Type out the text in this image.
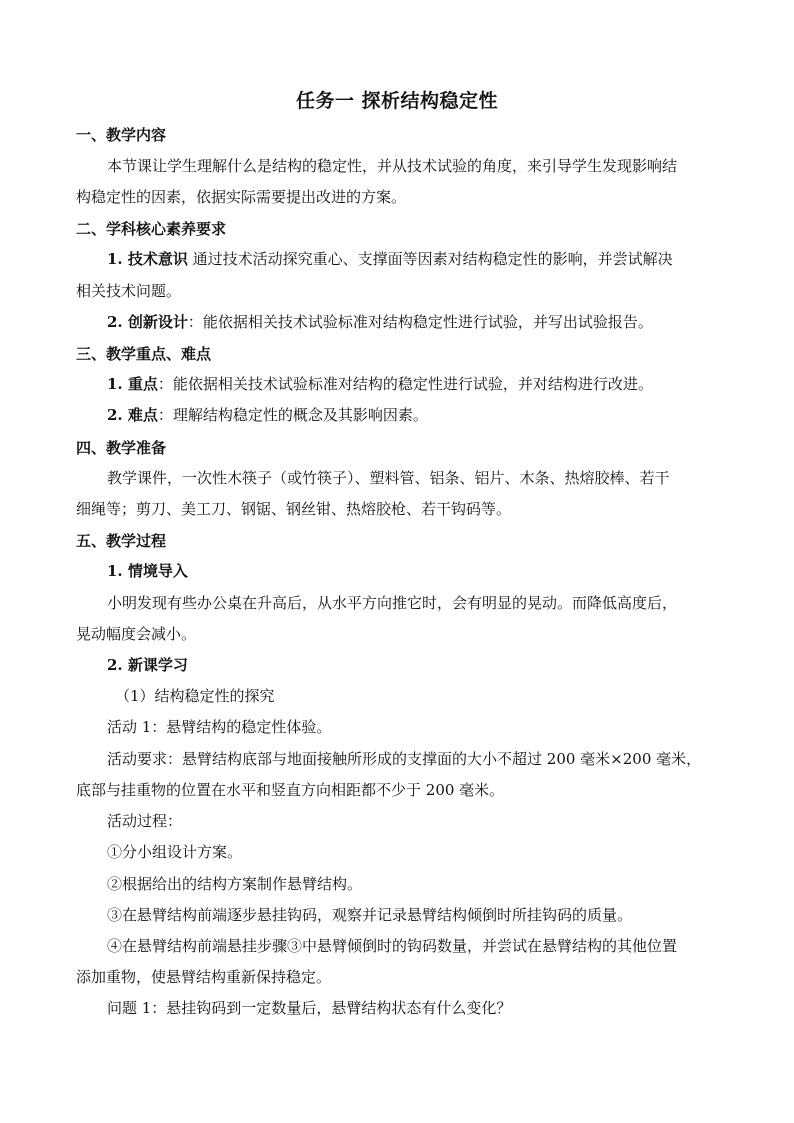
任务一 探析结构稳定性
一、教学内容
本节课让学生理解什么是结构的稳定性，并从技术试验的角度，来引导学生发现影响结
构稳定性的因素，依据实际需要提出改进的方案。
二、学科核心素养要求
1. 技术意识 通过技术活动探究重心、支撑面等因素对结构稳定性的影响，并尝试解决
相关技术问题。
2. 创新设计：能依据相关技术试验标准对结构稳定性进行试验，并写出试验报告。
三、教学重点、难点
1. 重点：能依据相关技术试验标准对结构的稳定性进行试验，并对结构进行改进。
2. 难点：理解结构稳定性的概念及其影响因素。
四、教学准备
教学课件，一次性木筷子（或竹筷子）、塑料管、铝条、铝片、木条、热熔胶棒、若干
细绳等；剪刀、美工刀、钢锯、钢丝钳、热熔胶枪、若干钩码等。
五、教学过程
1. 情境导入
小明发现有些办公桌在升高后，从水平方向推它时，会有明显的晃动。而降低高度后，
晃动幅度会减小。
2. 新课学习
（1）结构稳定性的探究
活动 1：悬臂结构的稳定性体验。
活动要求：悬臂结构底部与地面接触所形成的支撑面的大小不超过 200 毫米×200 毫米，
底部与挂重物的位置在水平和竖直方向相距都不少于 200 毫米。
活动过程：
①分小组设计方案。
②根据给出的结构方案制作悬臂结构。
③在悬臂结构前端逐步悬挂钩码，观察并记录悬臂结构倾倒时所挂钩码的质量。
④在悬臂结构前端悬挂步骤③中悬臂倾倒时的钩码数量，并尝试在悬臂结构的其他位置
添加重物，使悬臂结构重新保持稳定。
问题 1：悬挂钩码到一定数量后，悬臂结构状态有什么变化？
